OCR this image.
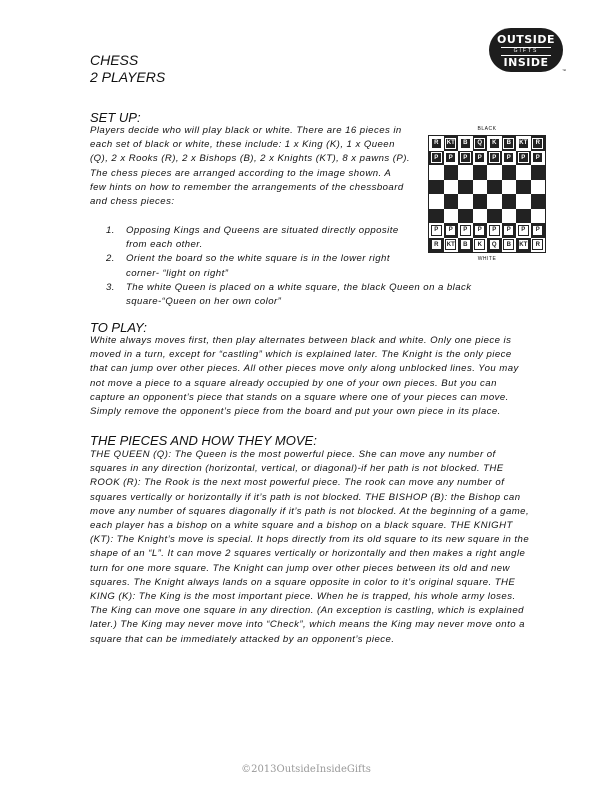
CHESS
2 PLAYERS
OUTSIDE
GIFTS
INSIDE
™
SET UP:
Players decide who will play black or white. There are 16 pieces in each set of black or white, these include: 1 x King (K), 1 x Queen (Q), 2 x Rooks (R), 2 x Bishops (B), 2 x Knights (KT), 8 x pawns (P). The chess pieces are arranged according to the image shown. A few hints on how to remember the arrangements of the chessboard and chess pieces:
1. Opposing Kings and Queens are situated directly opposite from each other.
2. Orient the board so the white square is in the lower right corner- “light on right”
3. The white Queen is placed on a white square, the black Queen on a black square-“Queen on her own color”
BLACK
R	KT	B	Q	K	B	KT	R
P	P	P	P	P	P	P	P
P	P	P	P	P	P	P	P
R	KT	B	K	Q	B	KT	R
WHITE
TO PLAY:
White always moves first, then play alternates between black and white. Only one piece is moved in a turn, except for “castling” which is explained later. The Knight is the only piece that can jump over other pieces. All other pieces move only along unblocked lines. You may not move a piece to a square already occupied by one of your own pieces. But you can capture an opponent’s piece that stands on a square where one of your pieces can move. Simply remove the opponent’s piece from the board and put your own piece in its place.
THE PIECES AND HOW THEY MOVE:
THE QUEEN (Q): The Queen is the most powerful piece. She can move any number of squares in any direction (horizontal, vertical, or diagonal)-if her path is not blocked. THE ROOK (R): The Rook is the next most powerful piece. The rook can move any number of squares vertically or horizontally if it’s path is not blocked. THE BISHOP (B): the Bishop can move any number of squares diagonally if it’s path is not blocked. At the beginning of a game, each player has a bishop on a white square and a bishop on a black square. THE KNIGHT (KT): The Knight’s move is special. It hops directly from its old square to its new square in the shape of an “L”. It can move 2 squares vertically or horizontally and then makes a right angle turn for one more square. The Knight can jump over other pieces between its old and new squares. The Knight always lands on a square opposite in color to it’s original square. THE KING (K): The King is the most important piece. When he is trapped, his whole army loses. The King can move one square in any direction. (An exception is castling, which is explained later.) The King may never move into “Check”, which means the King may never move onto a square that can be immediately attacked by an opponent’s piece.
©2013OutsideInsideGifts
